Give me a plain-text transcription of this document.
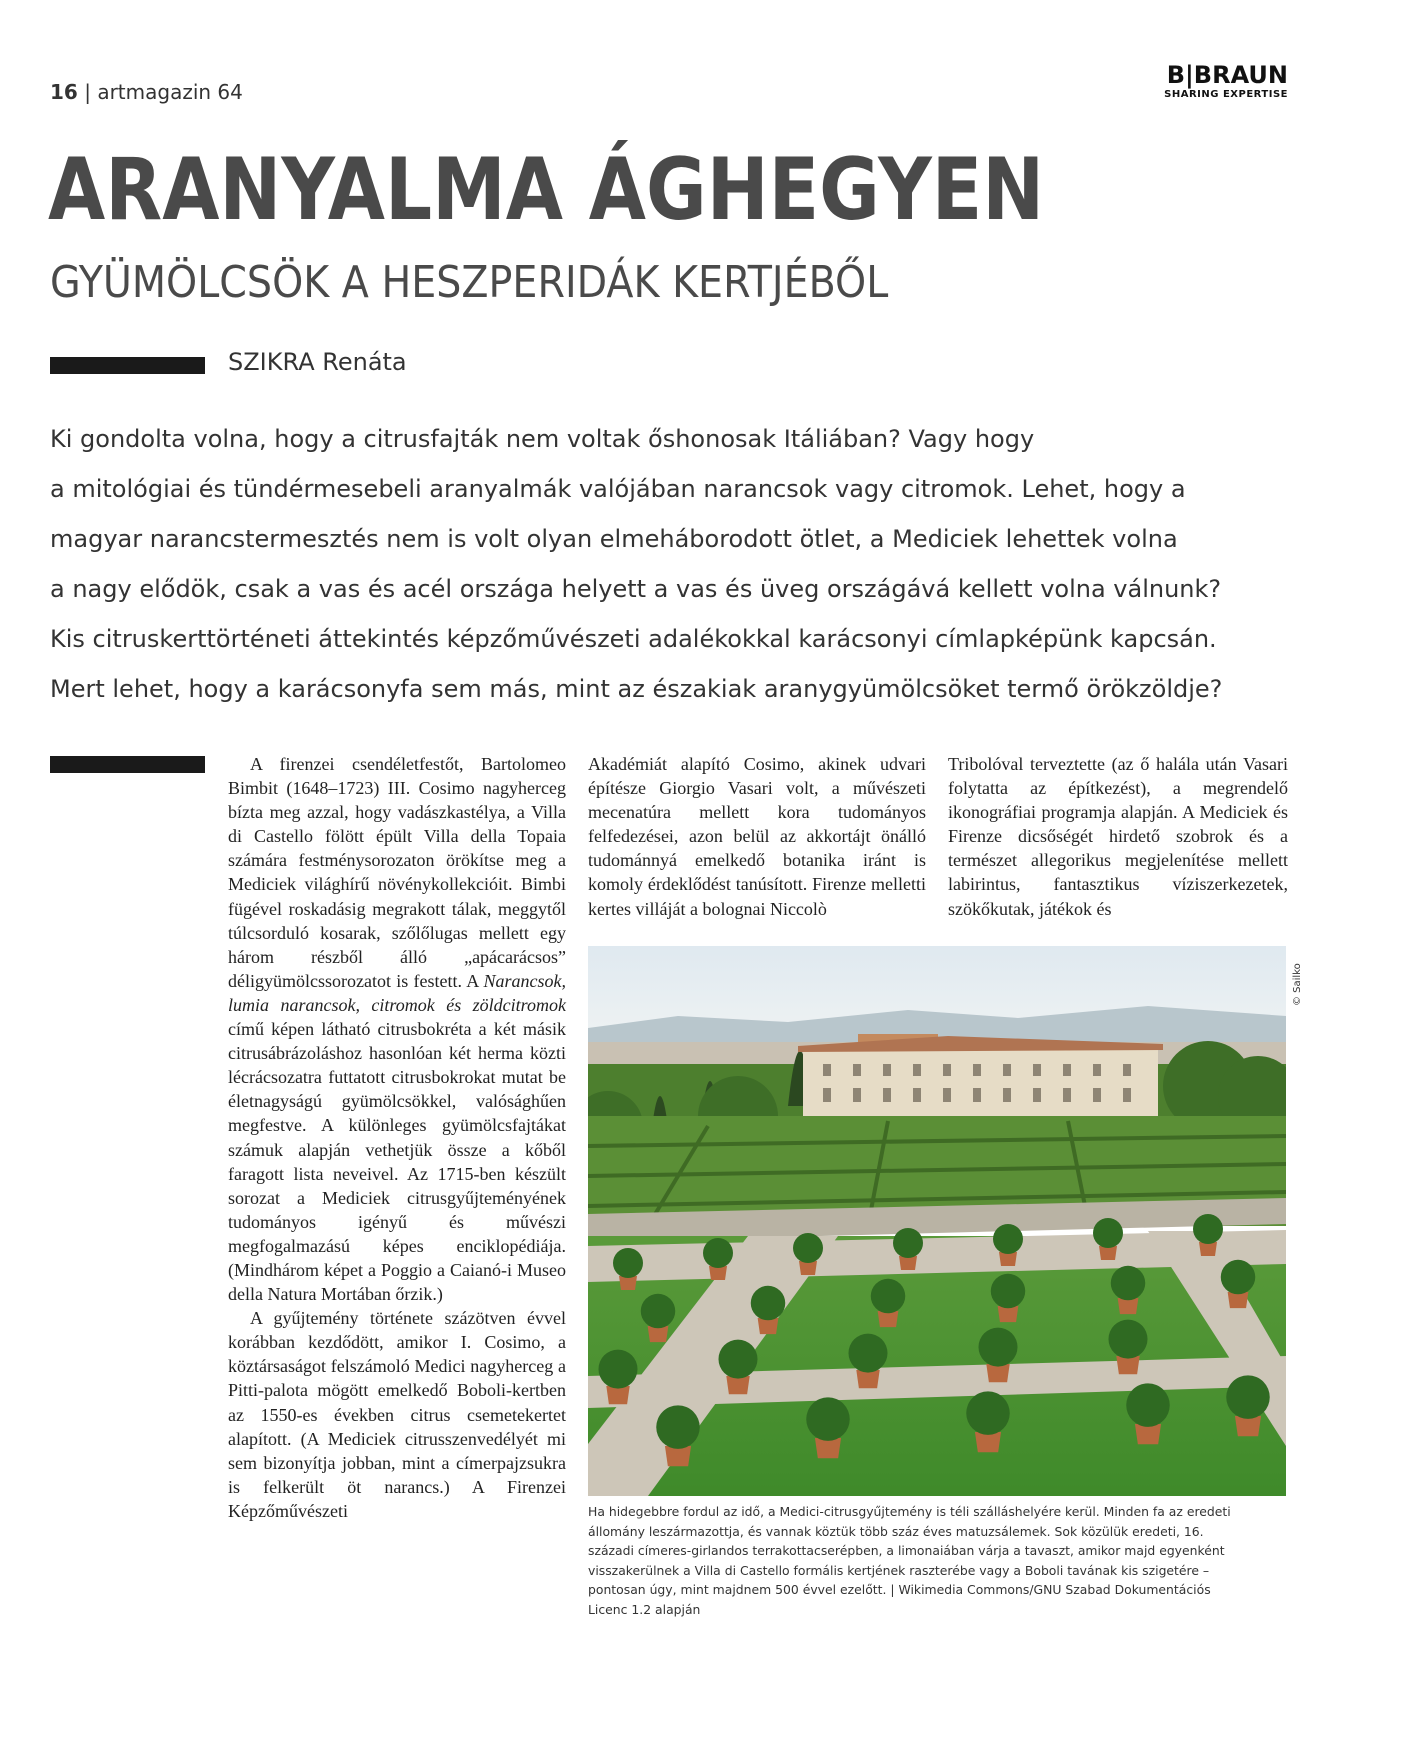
16 | artmagazin 64
B|BRAUN
SHARING EXPERTISE
ARANYALMA ÁGHEGYEN
GYÜMÖLCSÖK A HESZPERIDÁK KERTJÉBŐL
SZIKRA Renáta
Ki gondolta volna, hogy a citrusfajták nem voltak őshonosak Itáliában? Vagy hogy
a mitológiai és tündérmesebeli aranyalmák valójában narancsok vagy citromok. Lehet, hogy a
magyar narancstermesztés nem is volt olyan elmeháborodott ötlet, a Mediciek lehettek volna
a nagy elődök, csak a vas és acél országa helyett a vas és üveg országává kellett volna válnunk?
Kis citruskerttörténeti áttekintés képzőművészeti adalékokkal karácsonyi címlapképünk kapcsán.
Mert lehet, hogy a karácsonyfa sem más, mint az északiak aranygyümölcsöket termő örökzöldje?

A firenzei csendéletfestőt, Bartolomeo Bimbit (1648–1723) III. Cosimo nagyherceg bízta meg azzal, hogy vadászkastélya, a Villa di Castello fölött épült Villa della Topaia számára festménysorozaton örökítse meg a Mediciek világhírű növénykollekcióit. Bimbi fügével roskadásig megrakott tálak, meggytől túlcsorduló kosarak, szőlőlugas mellett egy három részből álló „apácarácsos” déligyümölcssorozatot is festett. A Narancsok, lumia narancsok, citromok és zöldcitromok című képen látható citrusbokréta a két másik citrusábrázoláshoz hasonlóan két herma közti lécrácsozatra futtatott citrusbokrokat mutat be életnagyságú gyümölcsökkel, valósághűen megfestve. A különleges gyümölcsfajtákat számuk alapján vethetjük össze a kőből faragott lista neveivel. Az 1715-ben készült sorozat a Mediciek citrusgyűjteményének tudományos igényű és művészi megfogalmazású képes enciklopédiája. (Mindhárom képet a Poggio a Caianó-i Museo della Natura Mortában őrzik.)

A gyűjtemény története százötven évvel korábban kezdődött, amikor I. Cosimo, a köztársaságot felszámoló Medici nagyherceg a Pitti-palota mögött emelkedő Boboli-kertben az 1550-es években citrus csemetekertet alapított. (A Mediciek citrusszenvedélyét mi sem bizonyítja jobban, mint a címerpajzsukra is felkerült öt narancs.) A Firenzei Képzőművészeti

Akadémiát alapító Cosimo, akinek udvari építésze Giorgio Vasari volt, a művészeti mecenatúra mellett kora tudományos felfedezései, azon belül az akkortájt önálló tudománnyá emelkedő botanika iránt is komoly érdeklődést tanúsított. Firenze melletti kertes villáját a bolognai Niccolò

Tribolóval terveztette (az ő halála után Vasari folytatta az építkezést), a megrendelő ikonográfiai programja alapján. A Mediciek és Firenze dicsőségét hirdető szobrok és a természet allegorikus megjelenítése mellett labirintus, fantasztikus víziszerkezetek, szökőkutak, játékok és

© Sailko
Ha hidegebbre fordul az idő, a Medici-citrusgyűjtemény is téli szálláshelyére kerül. Minden fa az eredeti
állomány leszármazottja, és vannak köztük több száz éves matuzsálemek. Sok közülük eredeti, 16.
századi címeres-girlandos terrakottacserépben, a limonaiában várja a tavaszt, amikor majd egyenként
visszakerülnek a Villa di Castello formális kertjének raszterébe vagy a Boboli tavának kis szigetére –
pontosan úgy, mint majdnem 500 évvel ezelőtt. | Wikimedia Commons/GNU Szabad Dokumentációs
Licenc 1.2 alapján
